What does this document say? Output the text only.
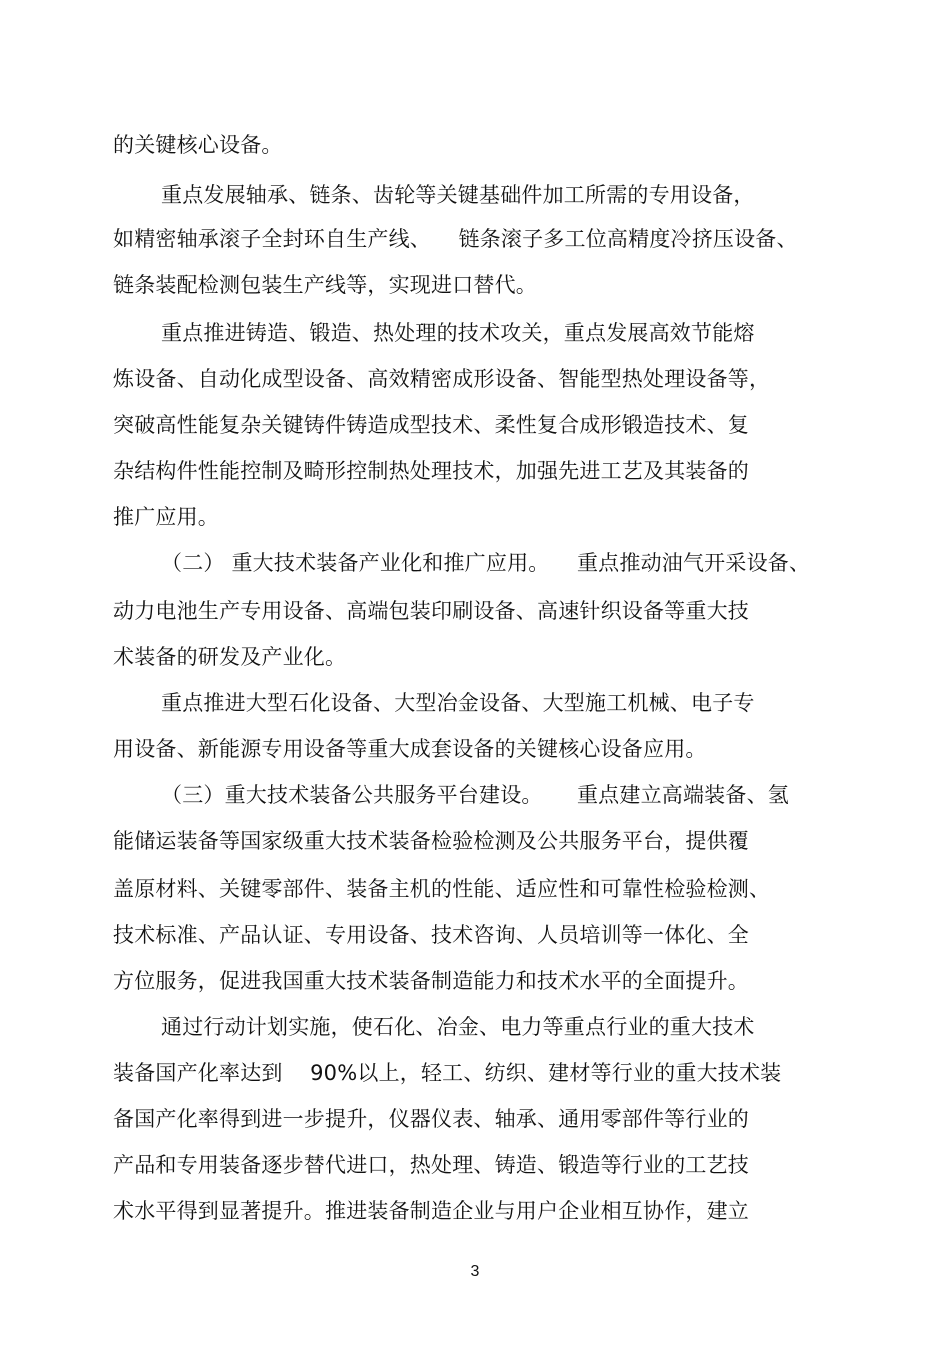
的关键核心设备。
重点发展轴承、链条、齿轮等关键基础件加工所需的专用设备，
如精密轴承滚子全封环自生产线、    链条滚子多工位高精度冷挤压设备、
链条装配检测包装生产线等，实现进口替代。
重点推进铸造、锻造、热处理的技术攻关，重点发展高效节能熔
炼设备、自动化成型设备、高效精密成形设备、智能型热处理设备等，
突破高性能复杂关键铸件铸造成型技术、柔性复合成形锻造技术、复
杂结构件性能控制及畸形控制热处理技术，加强先进工艺及其装备的
推广应用。
（二） 重大技术装备产业化和推广应用。    重点推动油气开采设备、
动力电池生产专用设备、高端包装印刷设备、高速针织设备等重大技
术装备的研发及产业化。
重点推进大型石化设备、大型冶金设备、大型施工机械、电子专
用设备、新能源专用设备等重大成套设备的关键核心设备应用。
（三）重大技术装备公共服务平台建设。     重点建立高端装备、氢
能储运装备等国家级重大技术装备检验检测及公共服务平台，提供覆
盖原材料、关键零部件、装备主机的性能、适应性和可靠性检验检测、
技术标准、产品认证、专用设备、技术咨询、人员培训等一体化、全
方位服务，促进我国重大技术装备制造能力和技术水平的全面提升。
通过行动计划实施，使石化、冶金、电力等重点行业的重大技术
装备国产化率达到    90%以上，轻工、纺织、建材等行业的重大技术装
备国产化率得到进一步提升，仪器仪表、轴承、通用零部件等行业的
产品和专用装备逐步替代进口，热处理、铸造、锻造等行业的工艺技
术水平得到显著提升。推进装备制造企业与用户企业相互协作，建立
3
